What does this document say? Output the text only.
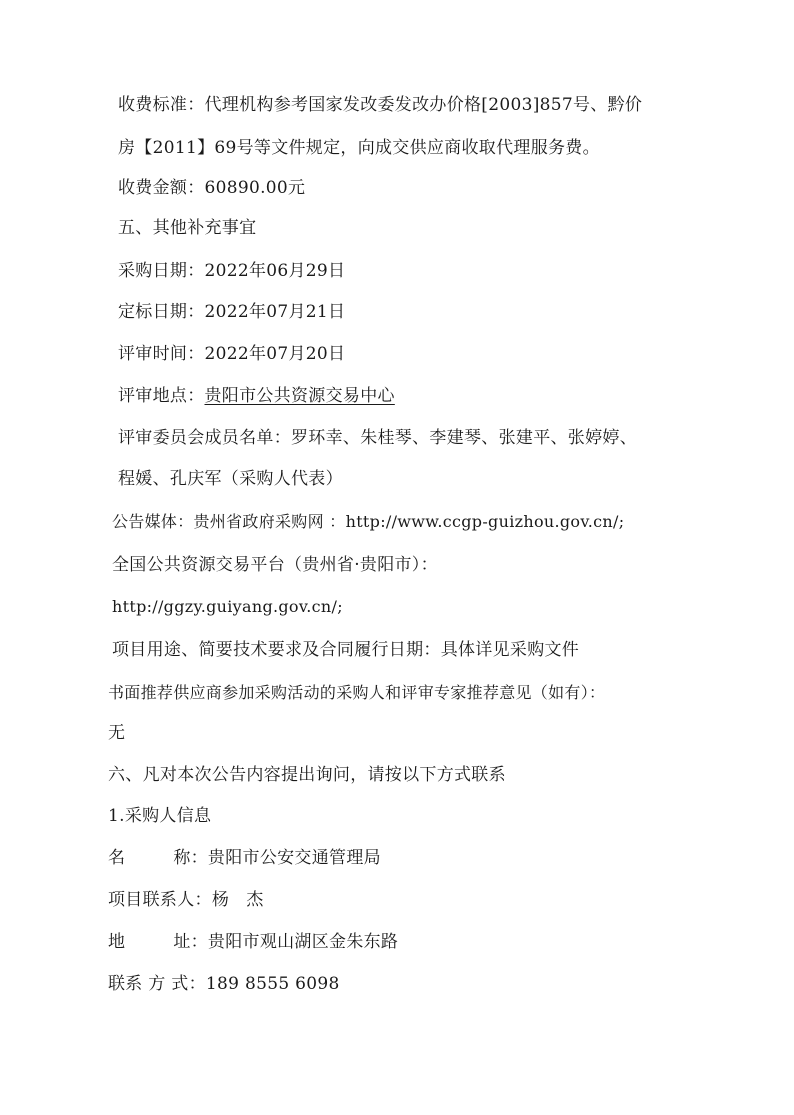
收费标准：代理机构参考国家发改委发改办价格[2003]857号、黔价
房【2011】69号等文件规定，向成交供应商收取代理服务费。
收费金额：60890.00元
五、其他补充事宜
采购日期：2022年06月29日
定标日期：2022年07月21日
评审时间：2022年07月20日
评审地点：贵阳市公共资源交易中心
评审委员会成员名单：罗环幸、朱桂琴、李建琴、张建平、张婷婷、
程媛、孔庆军（采购人代表）
公告媒体：贵州省政府采购网 ：http://www.ccgp-guizhou.gov.cn/;
全国公共资源交易平台（贵州省·贵阳市）：
http://ggzy.guiyang.gov.cn/;
项目用途、简要技术要求及合同履行日期：具体详见采购文件
书面推荐供应商参加采购活动的采购人和评审专家推荐意见（如有）：
无
六、凡对本次公告内容提出询问，请按以下方式联系
1.采购人信息
名	称：贵阳市公安交通管理局
项目联系人：杨　杰
地	址：贵阳市观山湖区金朱东路
联系 方 式：189 8555 6098
